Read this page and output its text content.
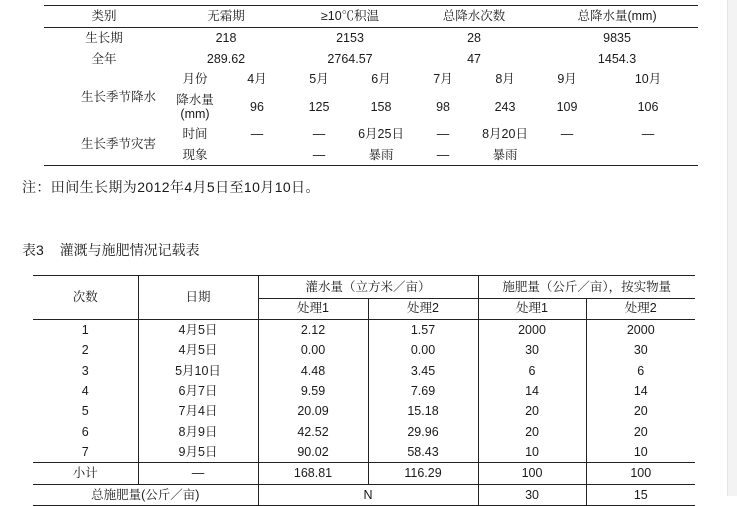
类别	无霜期		≥10℃积温		总降水次数		总降水量(mm)	
生长期	218		2153		28		9835	
全年	289.62		2764.57		47		1454.3	
生长季节降水	月份	4月	5月	6月	7月	8月	9月	10月
	降水量(mm)	96	125	158	98	243	109	106
生长季节灾害	时间	—	—	6月25日	—	8月20日	—	—
	现象		—	暴雨	—	暴雨		
注：田间生长期为2012年4月5日至10月10日。
表3 灌溉与施肥情况记载表
次数	日期	灌水量（立方米／亩）		施肥量（公斤／亩），按实物量	
		处理1	处理2	处理1	处理2
1	4月5日	2.12	1.57	2000	2000
2	4月5日	0.00	0.00	30	30
3	5月10日	4.48	3.45	6	6
4	6月7日	9.59	7.69	14	14
5	7月4日	20.09	15.18	20	20
6	8月9日	42.52	29.96	20	20
7	9月5日	90.02	58.43	10	10
小计	—	168.81	116.29	100	100
总施肥量(公斤／亩)		N		30	15
